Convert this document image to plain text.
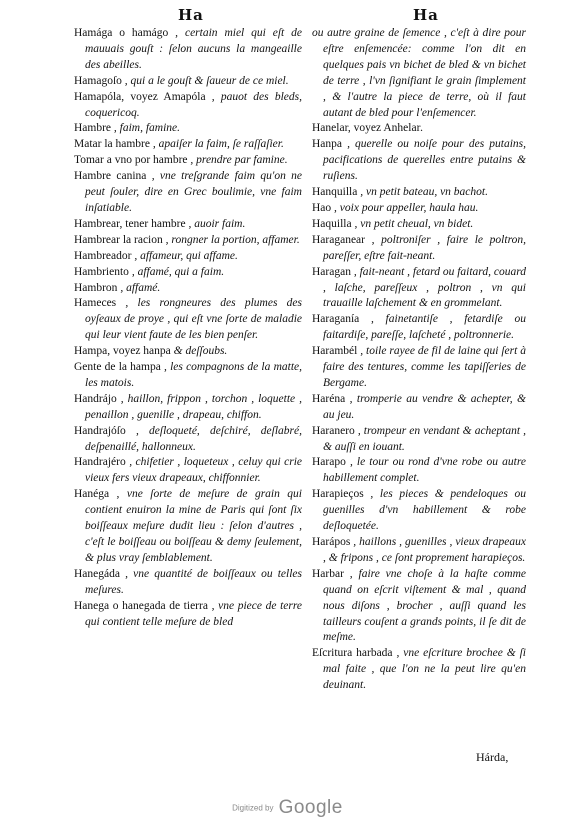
Ha	Ha

Hamága o hamágo , certain miel qui eſt de mauuais gouſt : ſelon aucuns la mangeaille des abeilles.

Hamagoſo , qui a le gouſt & ſaueur de ce miel.

Hamapóla, voyez Amapóla , pauot des bleds, coquericoq.

Hambre , faim, famine.

Matar la hambre , apaiſer la faim, ſe raſſaſier.

Tomar a vno por hambre , prendre par famine.

Hambre canina , vne treſgrande faim qu'on ne peut ſouler, dire en Grec boulimie, vne faim inſatiable.

Hambrear, tener hambre , auoir faim.

Hambrear la racion , rongner la portion, affamer.

Hambreador , affameur, qui affame.

Hambriento , affamé, qui a faim.

Hambron , affamé.

Hameces , les rongneures des plumes des oyſeaux de proye , qui eſt vne ſorte de maladie qui leur vient faute de les bien penſer.

Hampa, voyez hanpa & deſſoubs.

Gente de la hampa , les compagnons de la matte, les matois.

Handrájo , haillon, frippon , torchon , loquette , penaillon , guenille , drapeau, chiffon.

Handrajóſo , deſloqueté, deſchiré, deſlabré, deſpenaillé, hallonneux.

Handrajéro , chifetier , loqueteux , celuy qui crie vieux fers vieux drapeaux, chiffonnier.

Hanéga , vne ſorte de meſure de grain qui contient enuiron la mine de Paris qui ſont ſix boiſſeaux meſure dudit lieu : ſelon d'autres , c'eſt le boiſſeau ou boiſſeau & demy ſeulement, & plus vray ſemblablement.

Hanegáda , vne quantité de boiſſeaux ou telles meſures.

Hanega o hanegada de tierra , vne piece de terre qui contient telle meſure de bled

ou autre graine de ſemence , c'eſt à dire pour eſtre enſemencée: comme l'on dit en quelques pais vn bichet de bled & vn bichet de terre , l'vn ſignifiant le grain ſimplement , & l'autre la piece de terre, où il faut autant de bled pour l'enſemencer.

Hanelar, voyez Anhelar.

Hanpa , querelle ou noiſe pour des putains, pacifications de querelles entre putains & ruſiens.

Hanquilla , vn petit bateau, vn bachot.

Hao , voix pour appeller, haula hau.

Haquilla , vn petit cheual, vn bidet.

Haraganear , poltroniſer , faire le poltron, pareſſer, eſtre fait-neant.

Haragan , fait-neant , fetard ou faitard, couard , laſche, pareſſeux , poltron , vn qui trauaille laſchement & en grommelant.

Haraganía , fainetantiſe , fetardiſe ou faitardiſe, pareſſe, laſcheté , poltronnerie.

Harambél , toile rayee de fil de laine qui ſert à faire des tentures, comme les tapiſſeries de Bergame.

Haréna , tromperie au vendre & achepter, & au jeu.

Haranero , trompeur en vendant & acheptant , & auſſi en iouant.

Harapo , le tour ou rond d'vne robe ou autre habillement complet.

Harapieços , les pieces & pendeloques ou guenilles d'vn habillement & robe deſloquetée.

Harápos , haillons , guenilles , vieux drapeaux , & fripons , ce ſont proprement harapieços.

Harbar , faire vne choſe à la haſte comme quand on eſcrit viſtement & mal , quand nous diſons , brocher , auſſi quand les tailleurs couſent a grands points, il ſe dit de meſme.

Eſcritura harbada , vne eſcriture brochee & ſi mal faite , que l'on ne la peut lire qu'en deuinant.

Hárda,
Digitized by Google
